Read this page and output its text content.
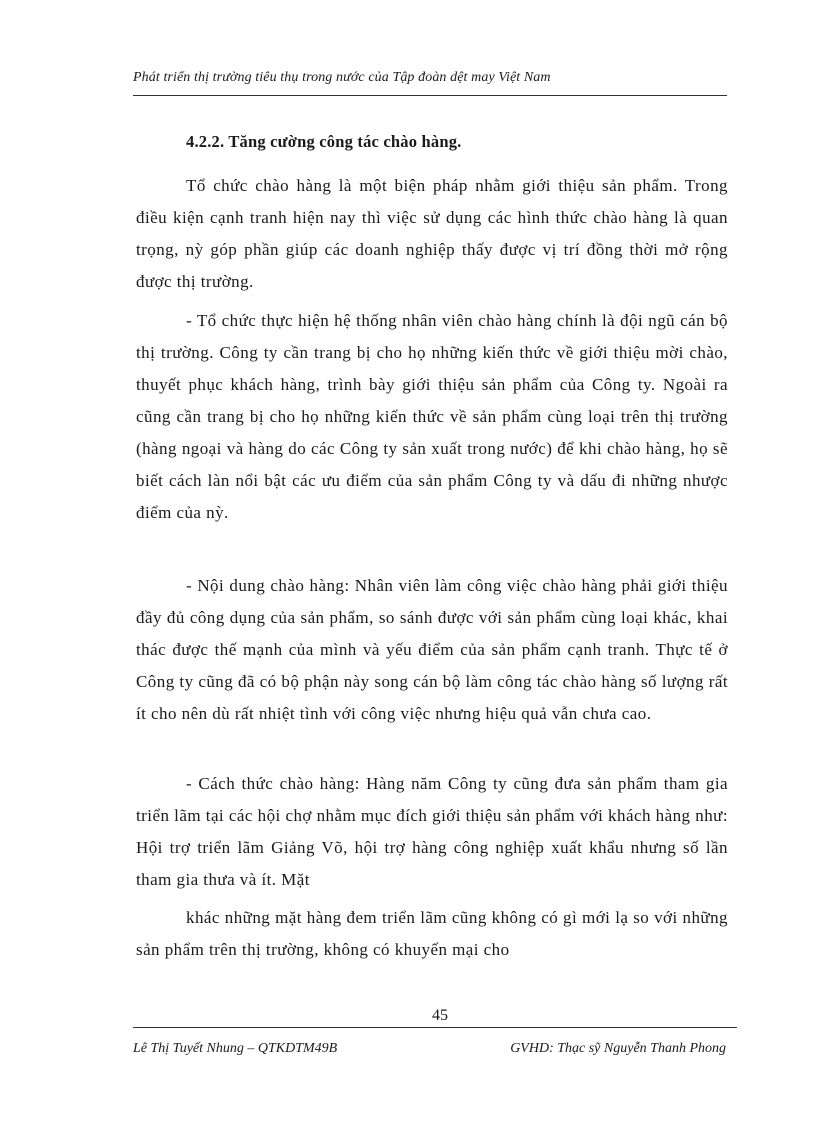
Phát triển thị trường tiêu thụ trong nước của Tập đoàn dệt may Việt Nam
4.2.2. Tăng cường công tác chào hàng.

Tổ chức chào hàng là một biện pháp nhằm giới thiệu sản phẩm. Trong điều kiện cạnh tranh hiện nay thì việc sử dụng các hình thức chào hàng là quan trọng, nỳ góp phần giúp các doanh nghiệp thấy được vị trí đồng thời mở rộng được thị trường.

- Tổ chức thực hiện hệ thống nhân viên chào hàng chính là đội ngũ cán bộ thị trường. Công ty cần trang bị cho họ những kiến thức về giới thiệu mời chào, thuyết phục khách hàng, trình bày giới thiệu sản phẩm của Công ty. Ngoài ra cũng cần trang bị cho họ những kiến thức về sản phẩm cùng loại trên thị trường (hàng ngoại và hàng do các Công ty sản xuất trong nước) để khi chào hàng, họ sẽ biết cách làn nổi bật các ưu điểm của sản phẩm Công ty và dấu đi những nhược điểm của nỳ.

- Nội dung chào hàng: Nhân viên làm công việc chào hàng phải giới thiệu đầy đủ công dụng của sản phẩm, so sánh được với sản phẩm cùng loại khác, khai thác được thế mạnh của mình và yếu điểm của sản phẩm cạnh tranh. Thực tế ở Công ty cũng đã có bộ phận này song cán bộ làm công tác chào hàng số lượng rất ít cho nên dù rất nhiệt tình với công việc nhưng hiệu quả vẫn chưa cao.

- Cách thức chào hàng: Hàng năm Công ty cũng đưa sản phẩm tham gia triển lãm tại các hội chợ nhằm mục đích giới thiệu sản phẩm với khách hàng như: Hội trợ triển lãm Giảng Võ, hội trợ hàng công nghiệp xuất khẩu nhưng số lần tham gia thưa và ít. Mặt

khác những mặt hàng đem triển lãm cũng không có gì mới lạ so với những sản phẩm trên thị trường, không có khuyến mại cho

45
Lê Thị Tuyết Nhung – QTKDTM49B	GVHD: Thạc sỹ Nguyễn Thanh Phong
